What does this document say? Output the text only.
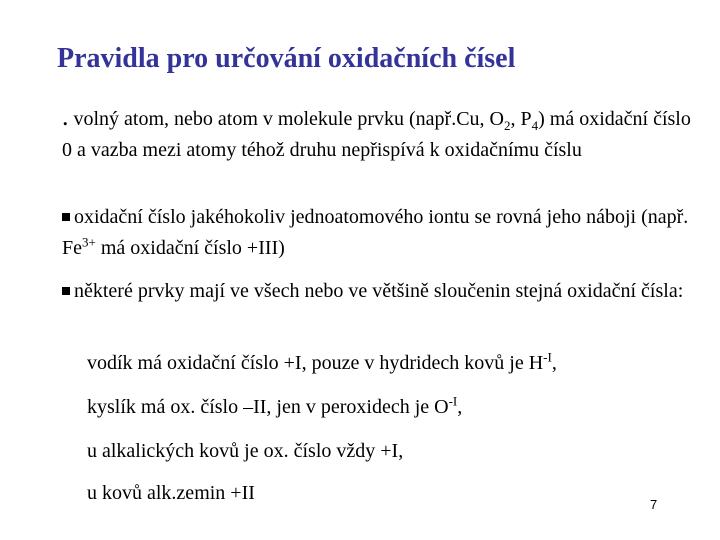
Pravidla pro určování oxidačních čísel
. volný atom, nebo atom v molekule prvku (např.Cu, $O_2$, $P_4$) má oxidační číslo 0 a vazba mezi atomy téhož druhu nepřispívá k oxidačnímu číslu
oxidační číslo jakéhokoliv jednoatomového iontu se rovná jeho náboji (např. $Fe^{3+}$ má oxidační číslo +III)
některé prvky mají ve všech nebo ve většině sloučenin stejná oxidační čísla:
vodík má oxidační číslo +I, pouze v hydridech kovů je $H^{-I}$,
kyslík má ox. číslo –II, jen v peroxidech je $O^{-I}$,
u alkalických kovů je ox. číslo vždy +I,
u kovů alk.zemin +II
7
